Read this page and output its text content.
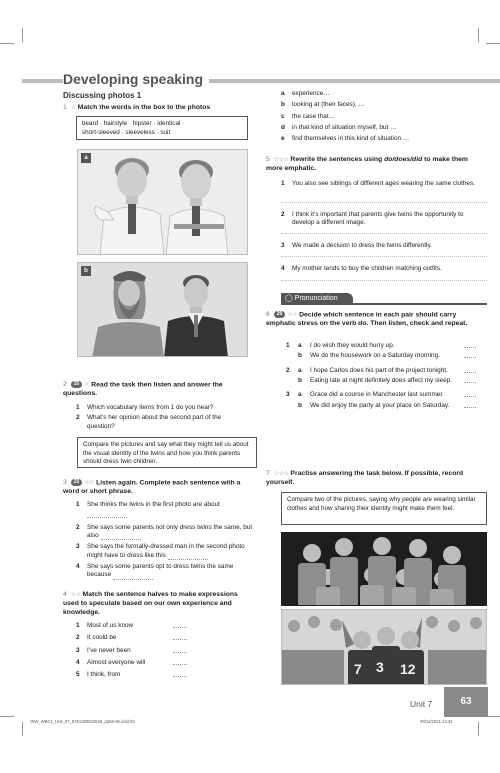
Developing speaking
Discussing photos 1
1 ☆ Match the words in the box to the photos
beard · hairstyle · hipster · identical ·
short-sleeved · sleeveless · suit
a
b
2 25 ☆ Read the task then listen and answer the questions.
1	Which vocabulary items from 1 do you hear?
2	What’s her opinion about the second part of the question?
Compare the pictures and say what they might tell us about the visual identity of the twins and how you think parents should dress twin children.
3 25 ☆☆ Listen again. Complete each sentence with a word or short phrase.
1	She thinks the twins in the first photo are about
2	She says some parents not only dress twins the same, but also
3	She says the formally-dressed man in the second photo might have to dress like this
4	She says some parents opt to dress twins the same because
4 ☆☆ Match the sentence halves to make expressions used to speculate based on our own experience and knowledge.
1	Most of us know
2	It could be
3	I’ve never been
4	Almost everyone will
5	I think, from
a	experience…
b	looking at (their faces), …
c	the case that…
d	in that kind of situation myself, but …
e	find themselves in this kind of situation …
5 ☆☆☆ Rewrite the sentences using do/does/did to make them more emphatic.
1	You also see siblings of different ages wearing the same clothes.
2	I think it’s important that parents give twins the opportunity to develop a different image.
3	We made a decision to dress the twins differently.
4	My mother tends to buy the children matching outfits.
◯ Pronunciation
6 26 ☆☆ Decide which sentence in each pair should carry emphatic stress on the verb do. Then listen, check and repeat.
1	a	I do wish they would hurry up.
b	We do the housework on a Saturday morning.
2	a	I hope Carlos does his part of the project tonight.
b	Eating late at night definitely does affect my sleep.
3	a	Grace did a course in Manchester last summer.
b	We did enjoy the party at your place on Saturday.
7 ☆☆☆ Practise answering the task below. If possible, record yourself.
Compare two of the pictures, saying why people are wearing similar clothes and how sharing their identity might make them feel.
7 3 12
Unit 7	63
GtW_WBC1_Unit_07_9781380043628_pp58-65.indd 63	09/12/2021 14:34
